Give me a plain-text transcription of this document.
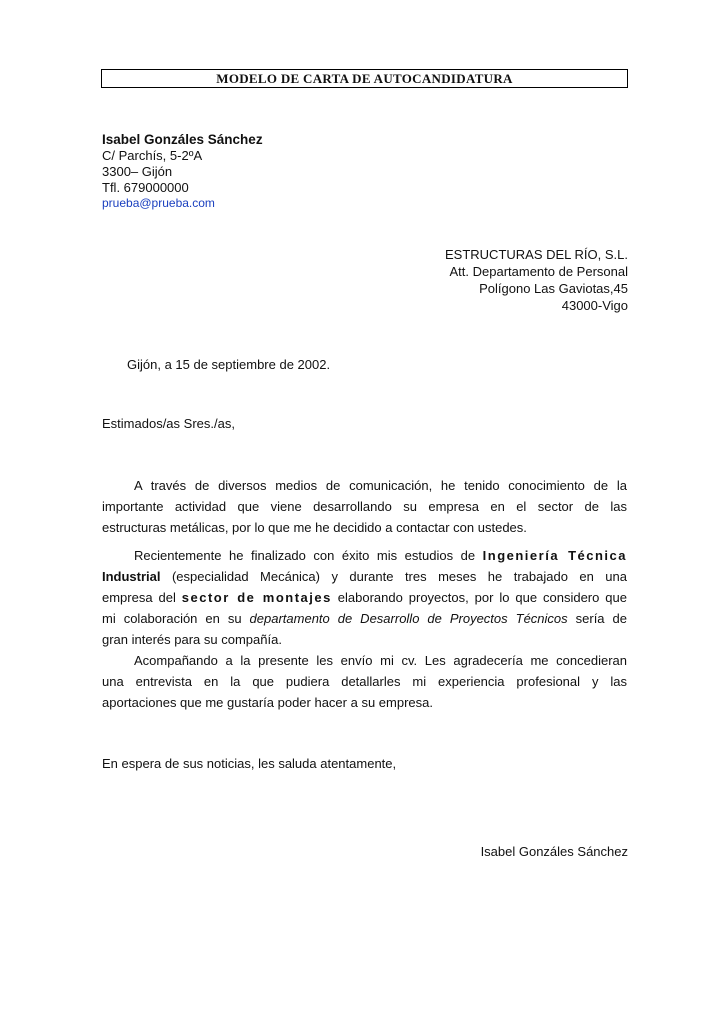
MODELO DE CARTA DE AUTOCANDIDATURA
Isabel Gonzáles Sánchez
C/ Parchís, 5-2ºA
3300– Gijón
Tfl. 679000000
prueba@prueba.com
ESTRUCTURAS DEL RÍO, S.L.
Att. Departamento de Personal
Polígono Las Gaviotas,45
43000-Vigo
Gijón, a 15 de septiembre de 2002.
Estimados/as Sres./as,
A través de diversos medios de comunicación, he tenido conocimiento de la
importante actividad que viene desarrollando su empresa en el sector de las
estructuras metálicas, por lo que me he decidido a contactar con ustedes.
Recientemente he finalizado con éxito mis estudios de Ingeniería Técnica
Industrial (especialidad Mecánica) y durante tres meses he trabajado en una
empresa del sector de montajes elaborando proyectos, por lo que considero que
mi colaboración en su departamento de Desarrollo de Proyectos Técnicos sería de
gran interés para su compañía.
Acompañando a la presente les envío mi cv. Les agradecería me concedieran
una entrevista en la que pudiera detallarles mi experiencia profesional y las
aportaciones que me gustaría poder hacer a su empresa.
En espera de sus noticias, les saluda atentamente,
Isabel Gonzáles Sánchez
